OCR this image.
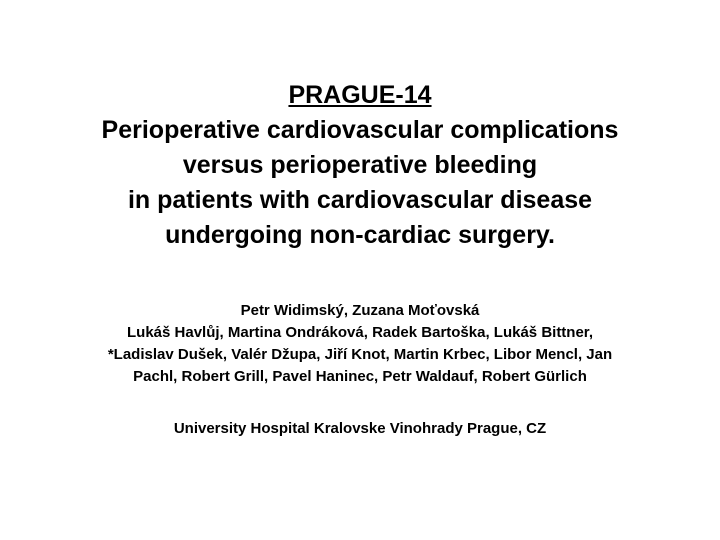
PRAGUE-14
Perioperative cardiovascular complications
versus perioperative bleeding
in patients with cardiovascular disease
undergoing non-cardiac surgery.
Petr Widimský, Zuzana Moťovská
Lukáš Havlůj, Martina Ondráková, Radek Bartoška, Lukáš Bittner,
*Ladislav Dušek, Valér Džupa, Jiří Knot, Martin Krbec, Libor Mencl, Jan
Pachl, Robert Grill, Pavel Haninec, Petr Waldauf, Robert Gürlich
University Hospital Kralovske Vinohrady Prague, CZ
